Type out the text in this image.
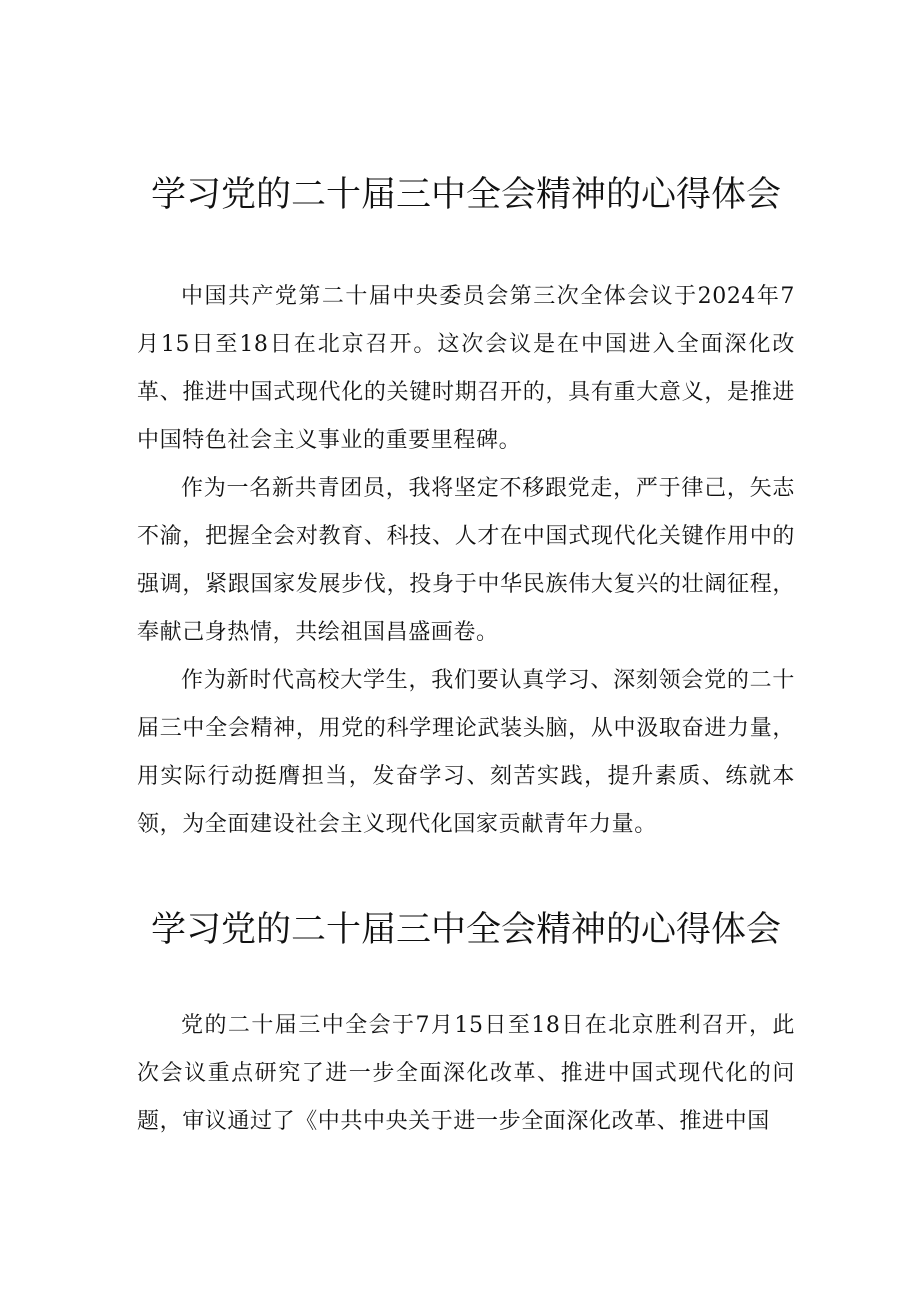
学习党的二十届三中全会精神的心得体会

中国共产党第二十届中央委员会第三次全体会议于2024年7月15日至18日在北京召开。这次会议是在中国进入全面深化改革、推进中国式现代化的关键时期召开的，具有重大意义，是推进中国特色社会主义事业的重要里程碑。

作为一名新共青团员，我将坚定不移跟党走，严于律己，矢志不渝，把握全会对教育、科技、人才在中国式现代化关键作用中的强调，紧跟国家发展步伐，投身于中华民族伟大复兴的壮阔征程，奉献己身热情，共绘祖国昌盛画卷。

作为新时代高校大学生，我们要认真学习、深刻领会党的二十届三中全会精神，用党的科学理论武装头脑，从中汲取奋进力量，用实际行动挺膺担当，发奋学习、刻苦实践，提升素质、练就本领，为全面建设社会主义现代化国家贡献青年力量。

学习党的二十届三中全会精神的心得体会

党的二十届三中全会于7月15日至18日在北京胜利召开，此次会议重点研究了进一步全面深化改革、推进中国式现代化的问题，审议通过了《中共中央关于进一步全面深化改革、推进中国
